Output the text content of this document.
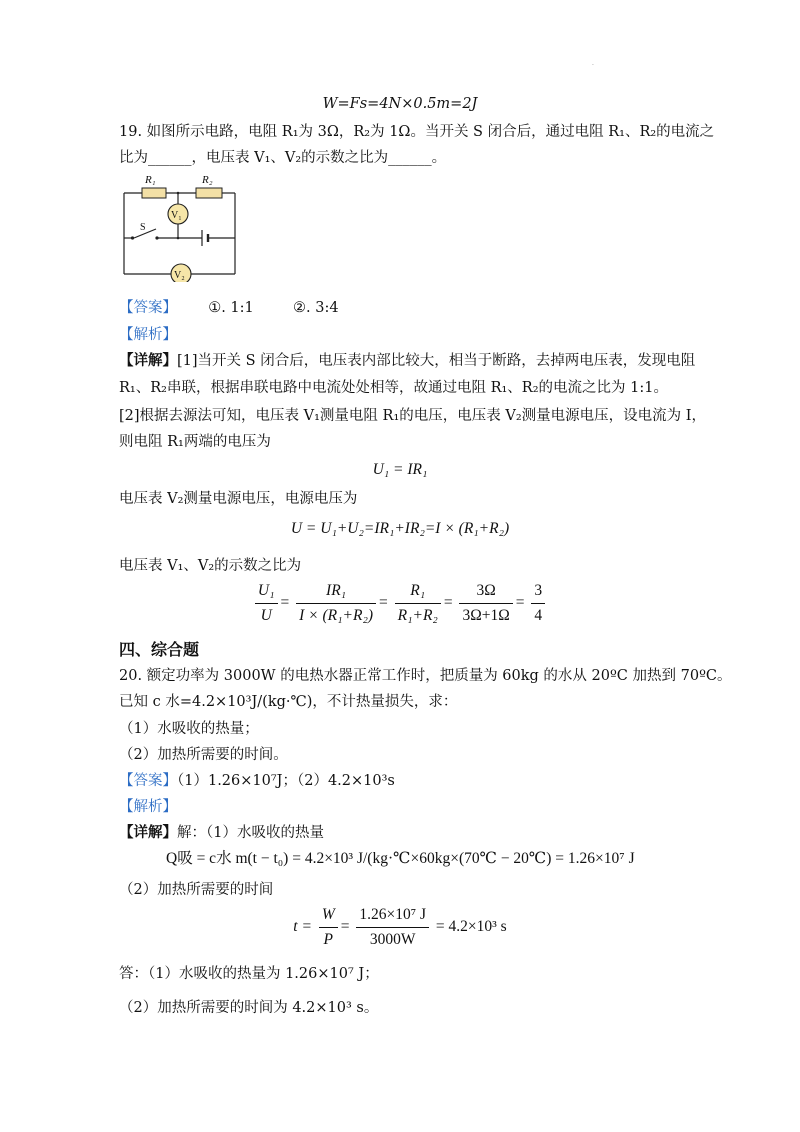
·
W=Fs=4N×0.5m=2J
19. 如图所示电路，电阻 R₁为 3Ω，R₂为 1Ω。当开关 S 闭合后，通过电阻 R₁、R₂的电流之
比为______，电压表 V₁、V₂的示数之比为______。
R₁	R₂
S
V₁
V₂
【答案】 ①. 1:1	②. 3:4
【解析】
【详解】[1]当开关 S 闭合后，电压表内部比较大，相当于断路，去掉两电压表，发现电阻
R₁、R₂串联，根据串联电路中电流处处相等，故通过电阻 R₁、R₂的电流之比为 1:1。
[2]根据去源法可知，电压表 V₁测量电阻 R₁的电压，电压表 V₂测量电源电压，设电流为 I，
则电阻 R₁两端的电压为
U₁ = IR₁
电压表 V₂测量电源电压，电源电压为
U = U₁+U₂=IR₁+IR₂=I × (R₁+R₂)
电压表 V₁、V₂的示数之比为
$\frac{\text{U₁}}{U} = \frac{\text{IR₁}}{\text{I × (R₁+R₂)}} = \frac{\text{R₁}}{\text{R₁+R₂}} = \frac{3\Omega}{3\Omega+1\Omega} = \frac{3}{4}$
四、综合题
20. 额定功率为 3000W 的电热水器正常工作时，把质量为 60kg 的水从 20ºC 加热到 70ºC。
已知 c 水=4.2×10³J/(kg·℃)，不计热量损失，求：
（1）水吸收的热量；
（2）加热所需要的时间。
【答案】（1）1.26×10⁷J；（2）4.2×10³s
【解析】
【详解】解：（1）水吸收的热量
Q吸 = c水 m(t − t₀) = 4.2×10³ J/(kg·℃×60kg×(70℃ − 20℃) = 1.26×10⁷ J
（2）加热所需要的时间
$t = \frac{W}{P} = \frac{\text{1.26×10⁷ J}}{3000W} = 4.2\times 10^3$ s
答：（1）水吸收的热量为 1.26×10⁷ J；
（2）加热所需要的时间为 4.2×10³ s。
